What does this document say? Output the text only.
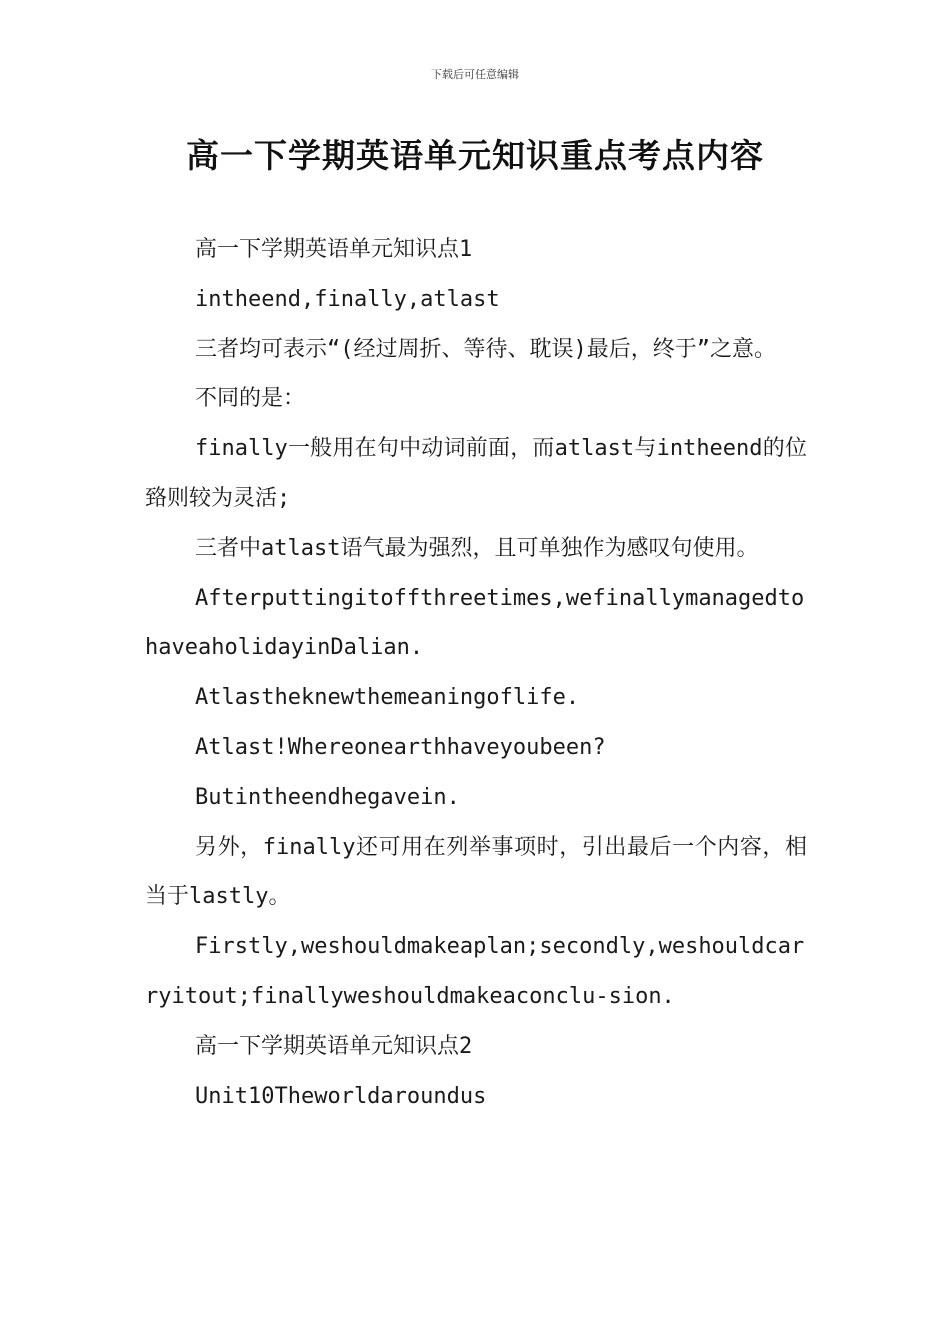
下载后可任意编辑
高一下学期英语单元知识重点考点内容

高一下学期英语单元知识点1

intheend,finally,atlast

三者均可表示“(经过周折、等待、耽误)最后，终于”之意。

不同的是：

finally一般用在句中动词前面，而atlast与intheend的位臵则较为灵活;

三者中atlast语气最为强烈，且可单独作为感叹句使用。

Afterputtingitoffthreetimes,wefinallymanagedtohaveaholidayinDalian.

Atlastheknewthemeaningoflife.

Atlast!Whereonearthhaveyoubeen?

Butintheendhegavein.

另外，finally还可用在列举事项时，引出最后一个内容，相当于lastly。

Firstly,weshouldmakeaplan;secondly,weshouldcarryitout;finallyweshouldmakeaconclu-sion.

高一下学期英语单元知识点2

Unit10Theworldaroundus
